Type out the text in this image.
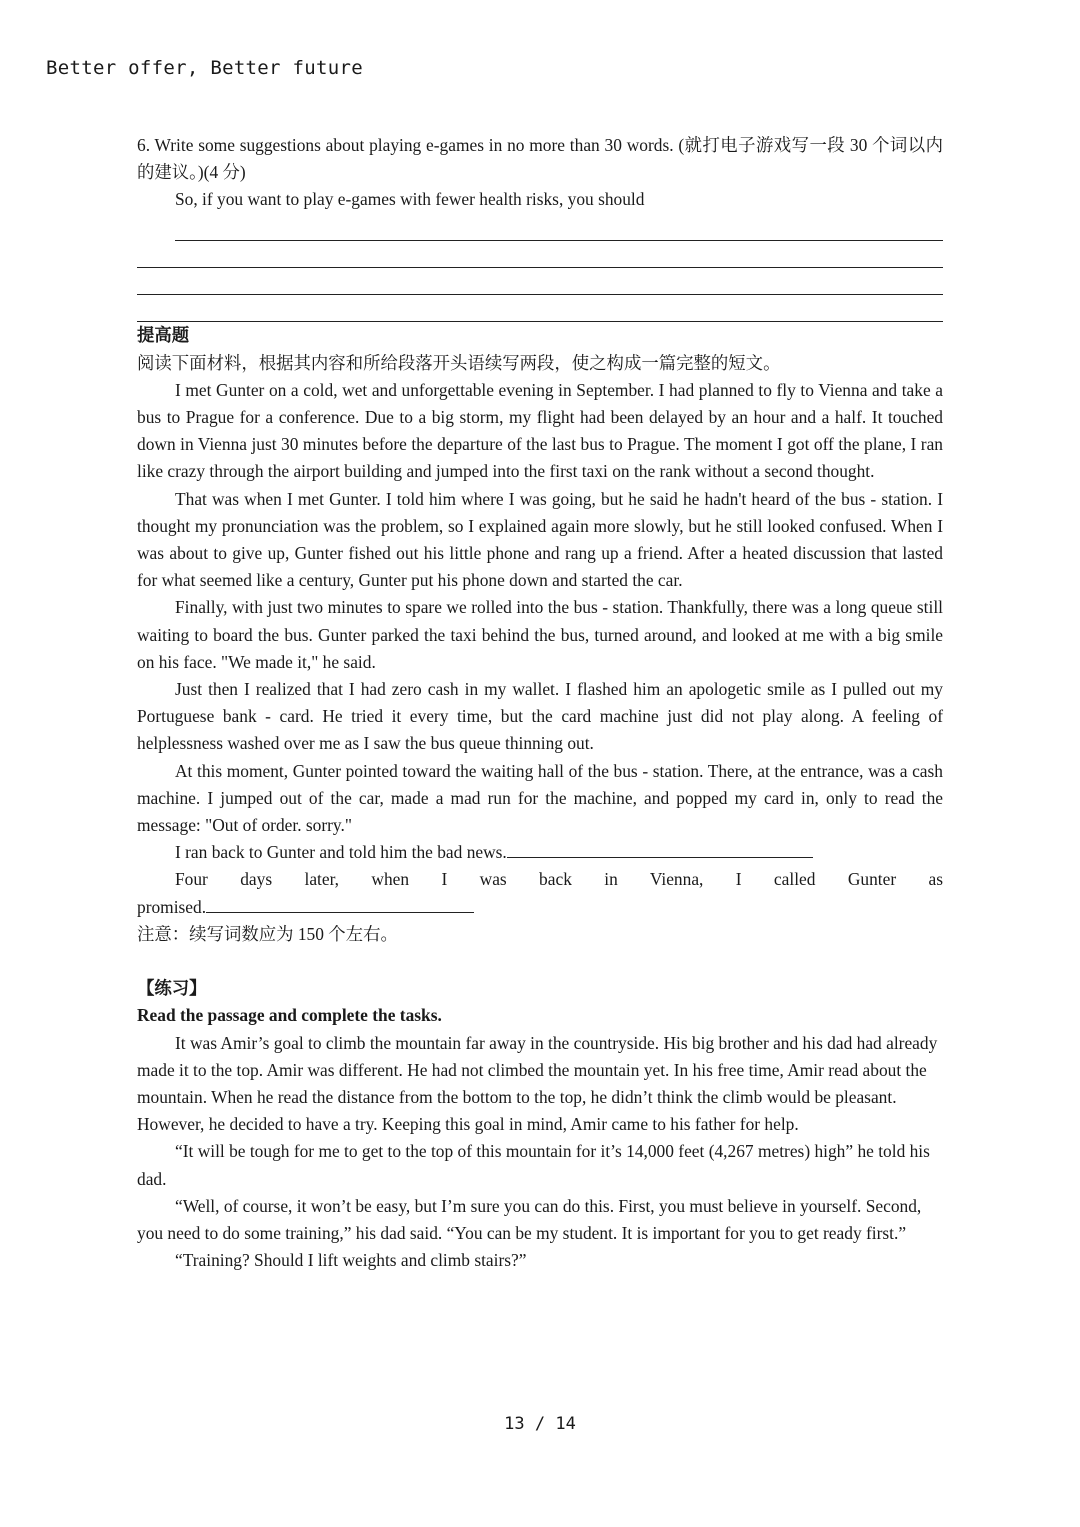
Better offer, Better future

6. Write some suggestions about playing e-games in no more than 30 words. (就打电子游戏写一段 30 个词以内的建议。)(4 分)

So, if you want to play e-games with fewer health risks, you should

提高题

阅读下面材料，根据其内容和所给段落开头语续写两段，使之构成一篇完整的短文。

I met Gunter on a cold, wet and unforgettable evening in September. I had planned to fly to Vienna and take a bus to Prague for a conference. Due to a big storm, my flight had been delayed by an hour and a half. It touched down in Vienna just 30 minutes before the departure of the last bus to Prague. The moment I got off the plane, I ran like crazy through the airport building and jumped into the first taxi on the rank without a second thought.

That was when I met Gunter. I told him where I was going, but he said he hadn't heard of the bus - station. I thought my pronunciation was the problem, so I explained again more slowly, but he still looked confused. When I was about to give up, Gunter fished out his little phone and rang up a friend. After a heated discussion that lasted for what seemed like a century, Gunter put his phone down and started the car.

Finally, with just two minutes to spare we rolled into the bus - station. Thankfully, there was a long queue still waiting to board the bus. Gunter parked the taxi behind the bus, turned around, and looked at me with a big smile on his face. "We made it," he said.

Just then I realized that I had zero cash in my wallet. I flashed him an apologetic smile as I pulled out my Portuguese bank - card. He tried it every time, but the card machine just did not play along. A feeling of helplessness washed over me as I saw the bus queue thinning out.

At this moment, Gunter pointed toward the waiting hall of the bus - station. There, at the entrance, was a cash machine. I jumped out of the car, made a mad run for the machine, and popped my card in, only to read the message: "Out of order. sorry."

I ran back to Gunter and told him the bad news.

Four days later, when I was back in Vienna, I called Gunter as

promised.

注意：续写词数应为 150 个左右。

【练习】

Read the passage and complete the tasks.

It was Amir’s goal to climb the mountain far away in the countryside. His big brother and his dad had already made it to the top. Amir was different. He had not climbed the mountain yet. In his free time, Amir read about the mountain. When he read the distance from the bottom to the top, he didn’t think the climb would be pleasant. However, he decided to have a try. Keeping this goal in mind, Amir came to his father for help.

“It will be tough for me to get to the top of this mountain for it’s 14,000 feet (4,267 metres) high” he told his dad.

“Well, of course, it won’t be easy, but I’m sure you can do this. First, you must believe in yourself. Second, you need to do some training,” his dad said. “You can be my student. It is important for you to get ready first.”

“Training? Should I lift weights and climb stairs?”

13 / 14
